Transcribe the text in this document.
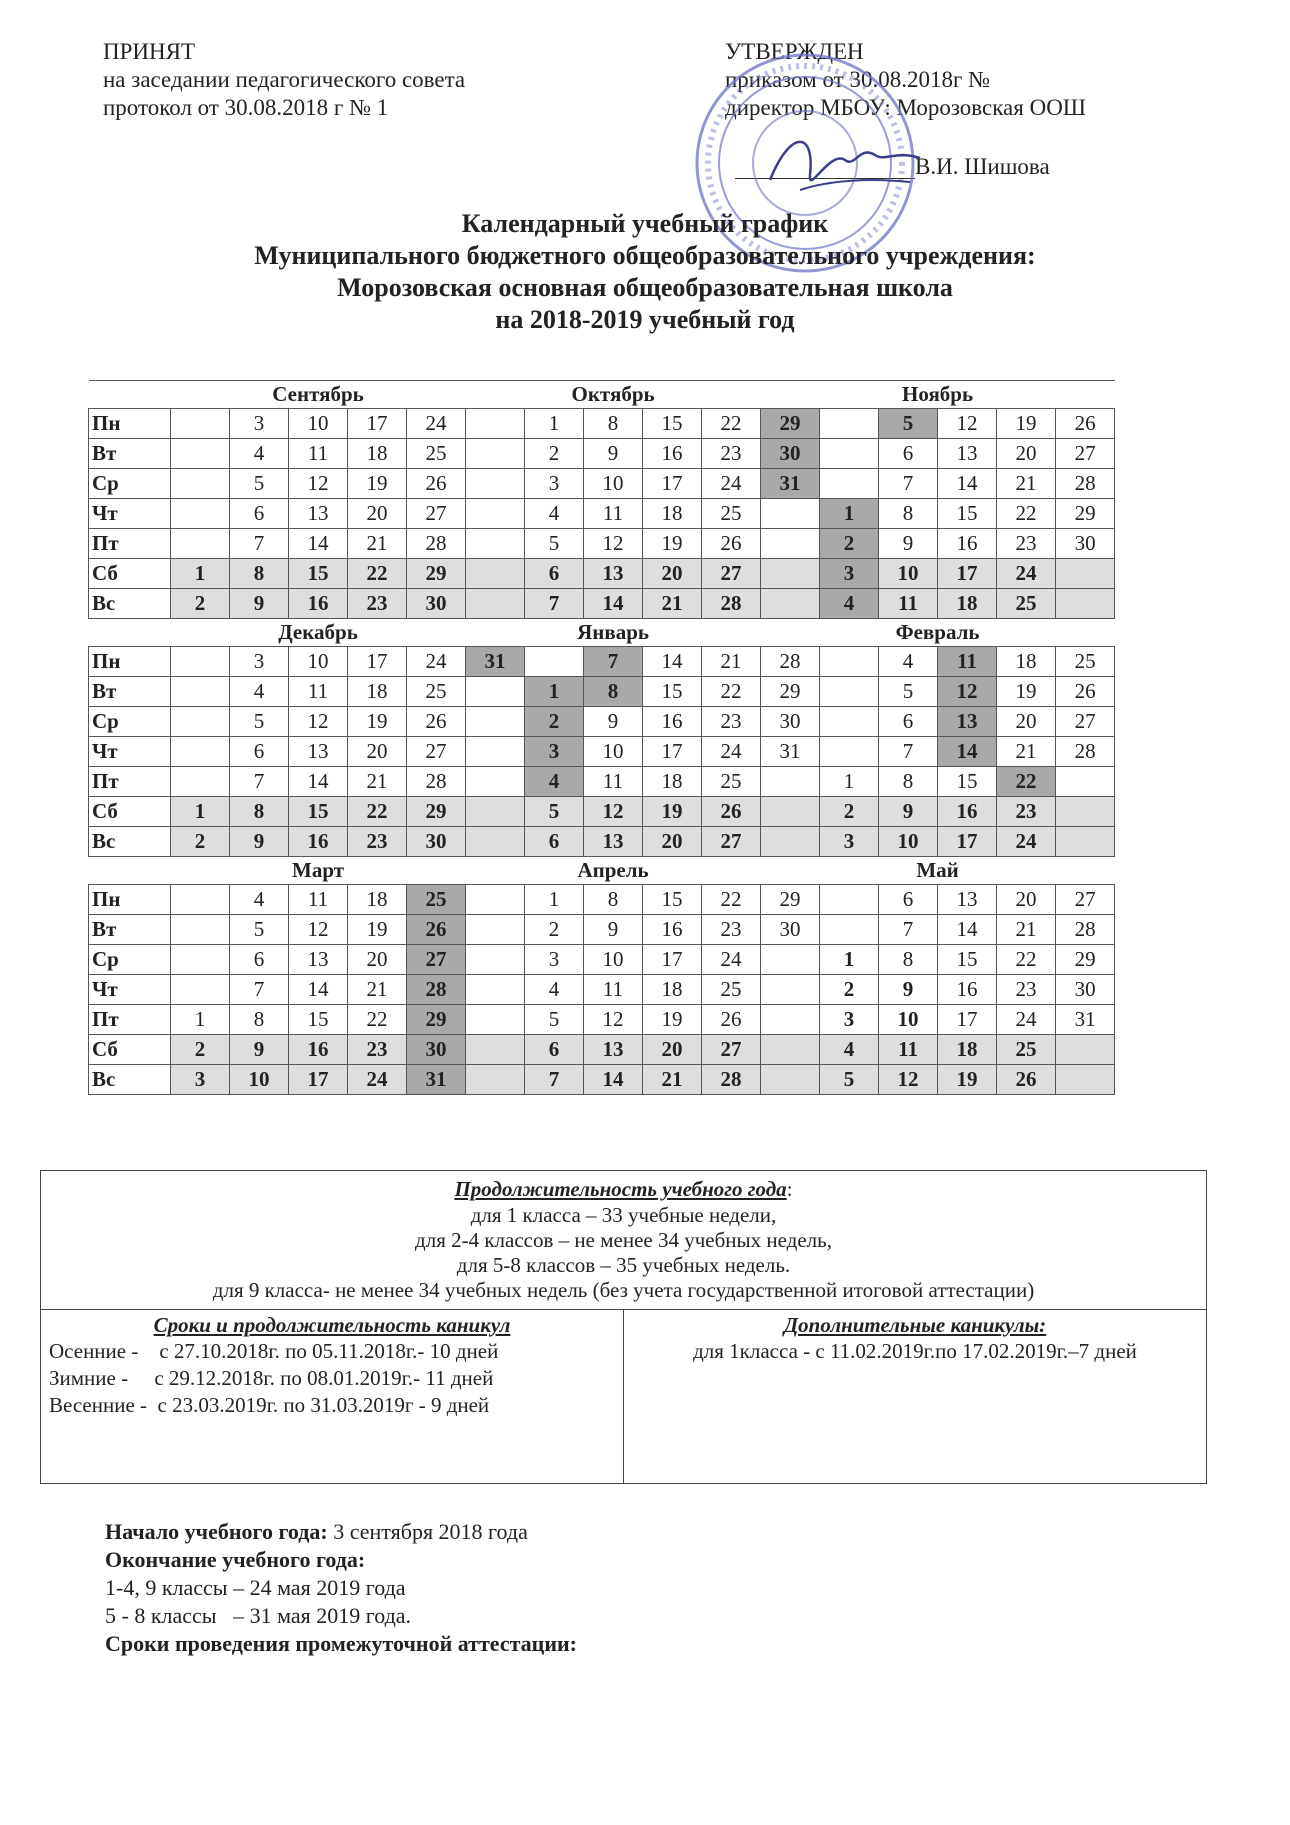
ПРИНЯТ
на заседании педагогического совета
протокол от 30.08.2018 г № 1
УТВЕРЖДЕН
приказом от 30.08.2018г №
директор МБОУ: Морозовская ООШ
В.И. Шишова
Календарный учебный график
Муниципального бюджетного общеобразовательного учреждения:
Морозовская основная общеобразовательная школа
на 2018-2019 учебный год
	Сентябрь					Октябрь					Ноябрь					
Пн		3	10	17	24		1	8	15	22	29		5	12	19	26
Вт		4	11	18	25		2	9	16	23	30		6	13	20	27
Ср		5	12	19	26		3	10	17	24	31		7	14	21	28
Чт		6	13	20	27		4	11	18	25		1	8	15	22	29
Пт		7	14	21	28		5	12	19	26		2	9	16	23	30
Сб	1	8	15	22	29		6	13	20	27		3	10	17	24	
Вс	2	9	16	23	30		7	14	21	28		4	11	18	25	
	Декабрь					Январь					Февраль					
Пн		3	10	17	24	31		7	14	21	28		4	11	18	25
Вт		4	11	18	25		1	8	15	22	29		5	12	19	26
Ср		5	12	19	26		2	9	16	23	30		6	13	20	27
Чт		6	13	20	27		3	10	17	24	31		7	14	21	28
Пт		7	14	21	28		4	11	18	25		1	8	15	22	
Сб	1	8	15	22	29		5	12	19	26		2	9	16	23	
Вс	2	9	16	23	30		6	13	20	27		3	10	17	24	
	Март					Апрель					Май					
Пн		4	11	18	25		1	8	15	22	29		6	13	20	27
Вт		5	12	19	26		2	9	16	23	30		7	14	21	28
Ср		6	13	20	27		3	10	17	24		1	8	15	22	29
Чт		7	14	21	28		4	11	18	25		2	9	16	23	30
Пт	1	8	15	22	29		5	12	19	26		3	10	17	24	31
Сб	2	9	16	23	30		6	13	20	27		4	11	18	25	
Вс	3	10	17	24	31		7	14	21	28		5	12	19	26	
Продолжительность учебного года:
для 1 класса – 33 учебные недели,
для 2-4 классов – не менее 34 учебных недель,
для 5-8 классов – 35 учебных недель.
для 9 класса- не менее 34 учебных недель (без учета государственной итоговой аттестации)
Сроки и продолжительность каникул
Осенние -    с 27.10.2018г. по 05.11.2018г.- 10 дней
Зимние -     с 29.12.2018г. по 08.01.2019г.- 11 дней
Весенние -  с 23.03.2019г. по 31.03.2019г - 9 дней
Дополнительные каникулы:
для 1класса - с 11.02.2019г.по 17.02.2019г.–7 дней
Начало учебного года: 3 сентября 2018 года
Окончание учебного года:
1-4, 9 классы – 24 мая 2019 года
5 - 8 классы   – 31 мая 2019 года.
Сроки проведения промежуточной аттестации:
